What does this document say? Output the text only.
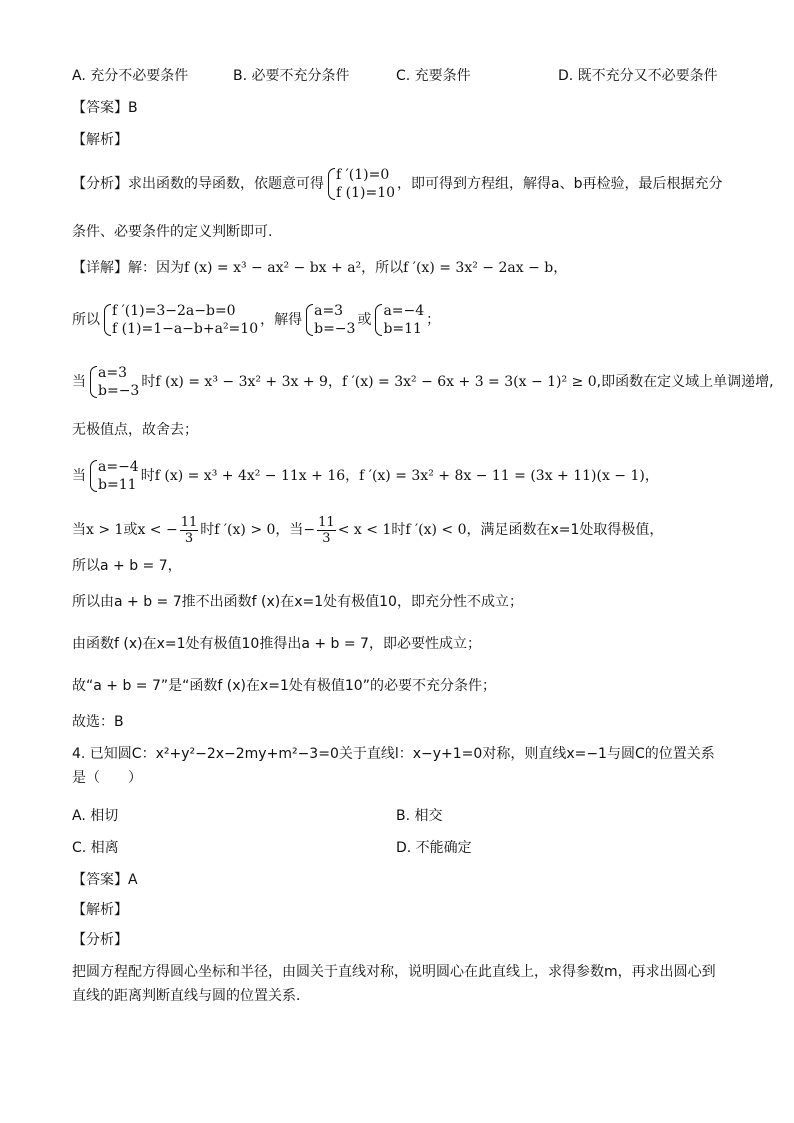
A. 充分不必要条件	B. 必要不充分条件	C. 充要条件	D. 既不充分又不必要条件
【答案】B
【解析】
【分析】求出函数的导函数，依题意可得
f ′(1)=0
f (1)=10
，即可得到方程组，解得a、b再检验，最后根据充分
条件、必要条件的定义判断即可.
【详解】解：因为f (x) = x³ − ax² − bx + a²，所以f ′(x) = 3x² − 2ax − b，
所以
f ′(1)=3−2a−b=0
f (1)=1−a−b+a²=10
，解得
a=3
b=−3
或
a=−4
b=11
；
当
a=3
b=−3
时f (x) = x³ − 3x² + 3x + 9，f ′(x) = 3x² − 6x + 3 = 3(x − 1)² ≥ 0,即函数在定义域上单调递增,
无极值点，故舍去；
当
a=−4
b=11
时f (x) = x³ + 4x² − 11x + 16，f ′(x) = 3x² + 8x − 11 = (3x + 11)(x − 1)，
当x > 1或x < − $\frac{11}{3}$ 时f ′(x) > 0，当− $\frac{11}{3} < x < 1$时f ′(x) < 0，满足函数在x=1处取得极值，
所以a + b = 7，
所以由a + b = 7推不出函数f (x)在x=1处有极值10，即充分性不成立；
由函数f (x)在x=1处有极值10推得出a + b = 7，即必要性成立；
故“a + b = 7”是“函数f (x)在x=1处有极值10”的必要不充分条件；
故选：B
4. 已知圆C：x²+y²−2x−2my+m²−3=0关于直线l：x−y+1=0对称，则直线x=−1与圆C的位置关系是（　　）
A. 相切	B. 相交
C. 相离	D. 不能确定
【答案】A
【解析】
【分析】
把圆方程配方得圆心坐标和半径，由圆关于直线对称，说明圆心在此直线上，求得参数m，再求出圆心到直线的距离判断直线与圆的位置关系．
